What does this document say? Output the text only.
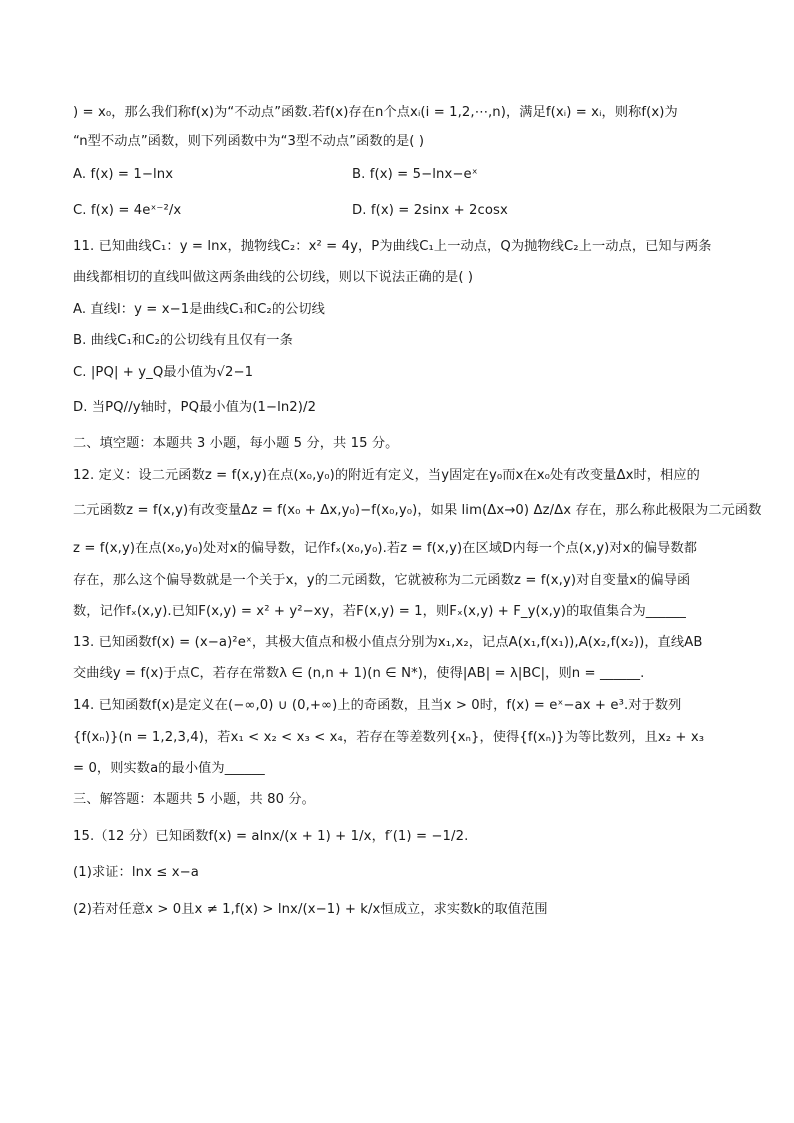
) = x₀，那么我们称f(x)为“不动点”函数.若f(x)存在n个点xᵢ(i = 1,2,⋯,n)，满足f(xᵢ) = xᵢ，则称f(x)为
“n型不动点”函数，则下列函数中为“3型不动点”函数的是( )
A. f(x) = 1−lnx	B. f(x) = 5−lnx−eˣ
C. f(x) = 4eˣ⁻²/x	D. f(x) = 2sinx + 2cosx
11. 已知曲线C₁：y = lnx，抛物线C₂：x² = 4y，P为曲线C₁上一动点，Q为抛物线C₂上一动点，已知与两条
曲线都相切的直线叫做这两条曲线的公切线，则以下说法正确的是( )
A. 直线l：y = x−1是曲线C₁和C₂的公切线
B. 曲线C₁和C₂的公切线有且仅有一条
C. |PQ| + y_Q最小值为√2−1
D. 当PQ//y轴时，PQ最小值为(1−ln2)/2
二、填空题：本题共 3 小题，每小题 5 分，共 15 分。
12. 定义：设二元函数z = f(x,y)在点(x₀,y₀)的附近有定义，当y固定在y₀而x在x₀处有改变量Δx时，相应的
二元函数z = f(x,y)有改变量Δz = f(x₀ + Δx,y₀)−f(x₀,y₀)，如果 lim(Δx→0) Δz/Δx 存在，那么称此极限为二元函数
z = f(x,y)在点(x₀,y₀)处对x的偏导数，记作fₓ(x₀,y₀).若z = f(x,y)在区域D内每一个点(x,y)对x的偏导数都
存在，那么这个偏导数就是一个关于x，y的二元函数，它就被称为二元函数z = f(x,y)对自变量x的偏导函
数，记作fₓ(x,y).已知F(x,y) = x² + y²−xy，若F(x,y) = 1，则Fₓ(x,y) + F_y(x,y)的取值集合为______
13. 已知函数f(x) = (x−a)²eˣ，其极大值点和极小值点分别为x₁,x₂，记点A(x₁,f(x₁)),A(x₂,f(x₂))，直线AB
交曲线y = f(x)于点C，若存在常数λ ∈ (n,n + 1)(n ∈ N*)，使得|AB| = λ|BC|，则n = ______.
14. 已知函数f(x)是定义在(−∞,0) ∪ (0,+∞)上的奇函数，且当x > 0时，f(x) = eˣ−ax + e³.对于数列
{f(xₙ)}(n = 1,2,3,4)，若x₁ < x₂ < x₃ < x₄，若存在等差数列{xₙ}，使得{f(xₙ)}为等比数列，且x₂ + x₃
= 0，则实数a的最小值为______
三、解答题：本题共 5 小题，共 80 分。
15.（12 分）已知函数f(x) = alnx/(x + 1) + 1/x，f′(1) = −1/2.
(1)求证：lnx ≤ x−a
(2)若对任意x > 0且x ≠ 1,f(x) > lnx/(x−1) + k/x恒成立，求实数k的取值范围
